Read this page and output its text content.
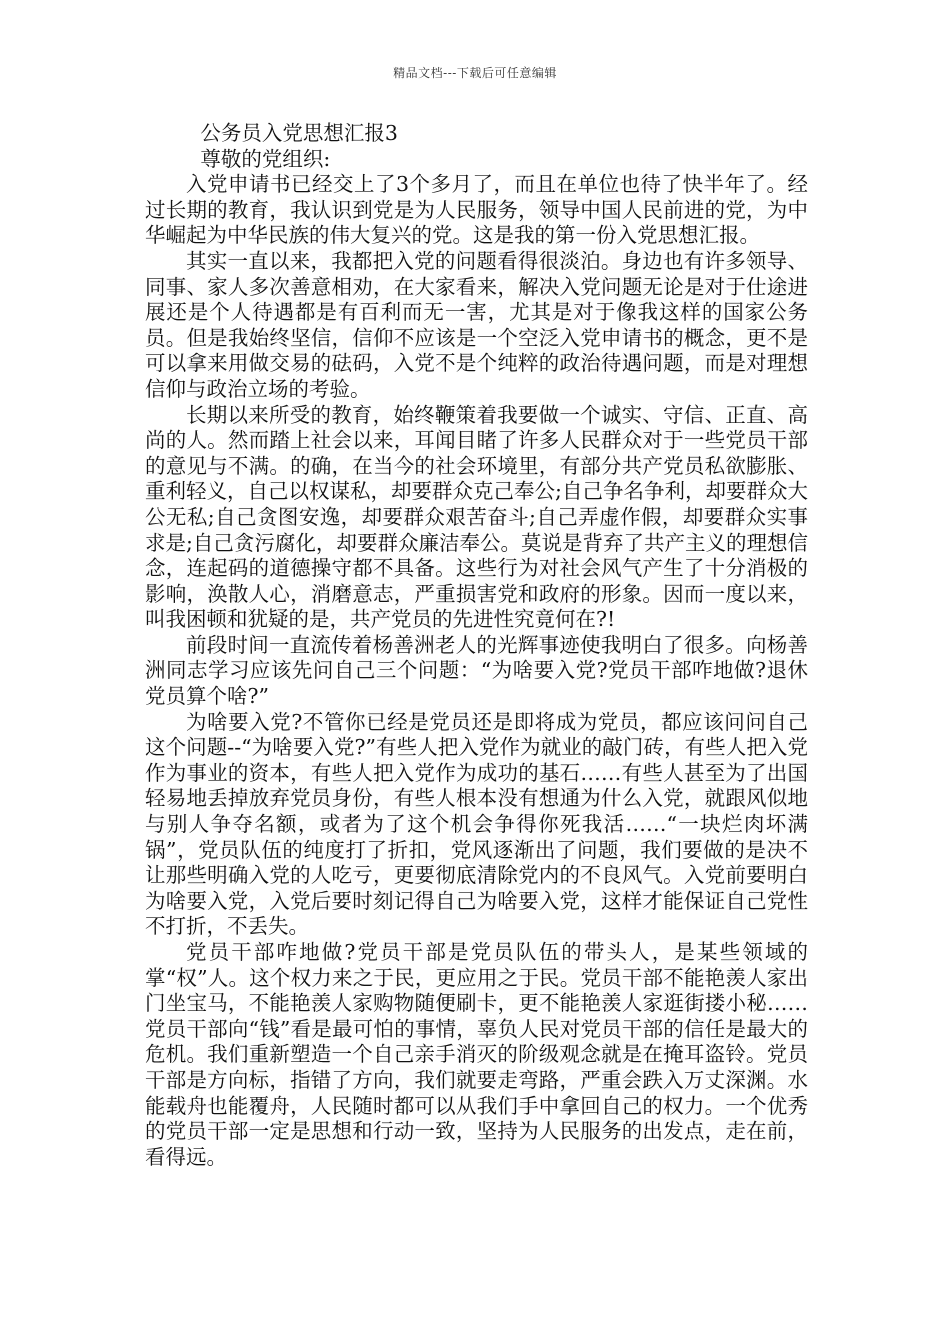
精品文档---下载后可任意编辑
公务员入党思想汇报3
尊敬的党组织:

入党申请书已经交上了3个多月了，而且在单位也待了快半年了。经过长期的教育，我认识到党是为人民服务，领导中国人民前进的党，为中华崛起为中华民族的伟大复兴的党。这是我的第一份入党思想汇报。

其实一直以来，我都把入党的问题看得很淡泊。身边也有许多领导、同事、家人多次善意相劝，在大家看来，解决入党问题无论是对于仕途进展还是个人待遇都是有百利而无一害，尤其是对于像我这样的国家公务员。但是我始终坚信，信仰不应该是一个空泛入党申请书的概念，更不是可以拿来用做交易的砝码，入党不是个纯粹的政治待遇问题，而是对理想信仰与政治立场的考验。

长期以来所受的教育，始终鞭策着我要做一个诚实、守信、正直、高尚的人。然而踏上社会以来，耳闻目睹了许多人民群众对于一些党员干部的意见与不满。的确，在当今的社会环境里，有部分共产党员私欲膨胀、重利轻义，自己以权谋私，却要群众克己奉公;自己争名争利，却要群众大公无私;自己贪图安逸，却要群众艰苦奋斗;自己弄虚作假，却要群众实事求是;自己贪污腐化，却要群众廉洁奉公。莫说是背弃了共产主义的理想信念，连起码的道德操守都不具备。这些行为对社会风气产生了十分消极的影响，涣散人心，消磨意志，严重损害党和政府的形象。因而一度以来，叫我困顿和犹疑的是，共产党员的先进性究竟何在?!

前段时间一直流传着杨善洲老人的光辉事迹使我明白了很多。向杨善洲同志学习应该先问自己三个问题：“为啥要入党?党员干部咋地做?退休党员算个啥?”

为啥要入党?不管你已经是党员还是即将成为党员，都应该问问自己这个问题--“为啥要入党?”有些人把入党作为就业的敲门砖，有些人把入党作为事业的资本，有些人把入党作为成功的基石……有些人甚至为了出国轻易地丢掉放弃党员身份，有些人根本没有想通为什么入党，就跟风似地与别人争夺名额，或者为了这个机会争得你死我活……“一块烂肉坏满锅”，党员队伍的纯度打了折扣，党风逐渐出了问题，我们要做的是决不让那些明确入党的人吃亏，更要彻底清除党内的不良风气。入党前要明白为啥要入党，入党后要时刻记得自己为啥要入党，这样才能保证自己党性不打折，不丢失。

党员干部咋地做?党员干部是党员队伍的带头人，是某些领域的掌“权”人。这个权力来之于民，更应用之于民。党员干部不能艳羡人家出门坐宝马，不能艳羡人家购物随便刷卡，更不能艳羡人家逛街搂小秘……党员干部向“钱”看是最可怕的事情，辜负人民对党员干部的信任是最大的危机。我们重新塑造一个自己亲手消灭的阶级观念就是在掩耳盗铃。党员干部是方向标，指错了方向，我们就要走弯路，严重会跌入万丈深渊。水能载舟也能覆舟，人民随时都可以从我们手中拿回自己的权力。一个优秀的党员干部一定是思想和行动一致，坚持为人民服务的出发点，走在前，看得远。
